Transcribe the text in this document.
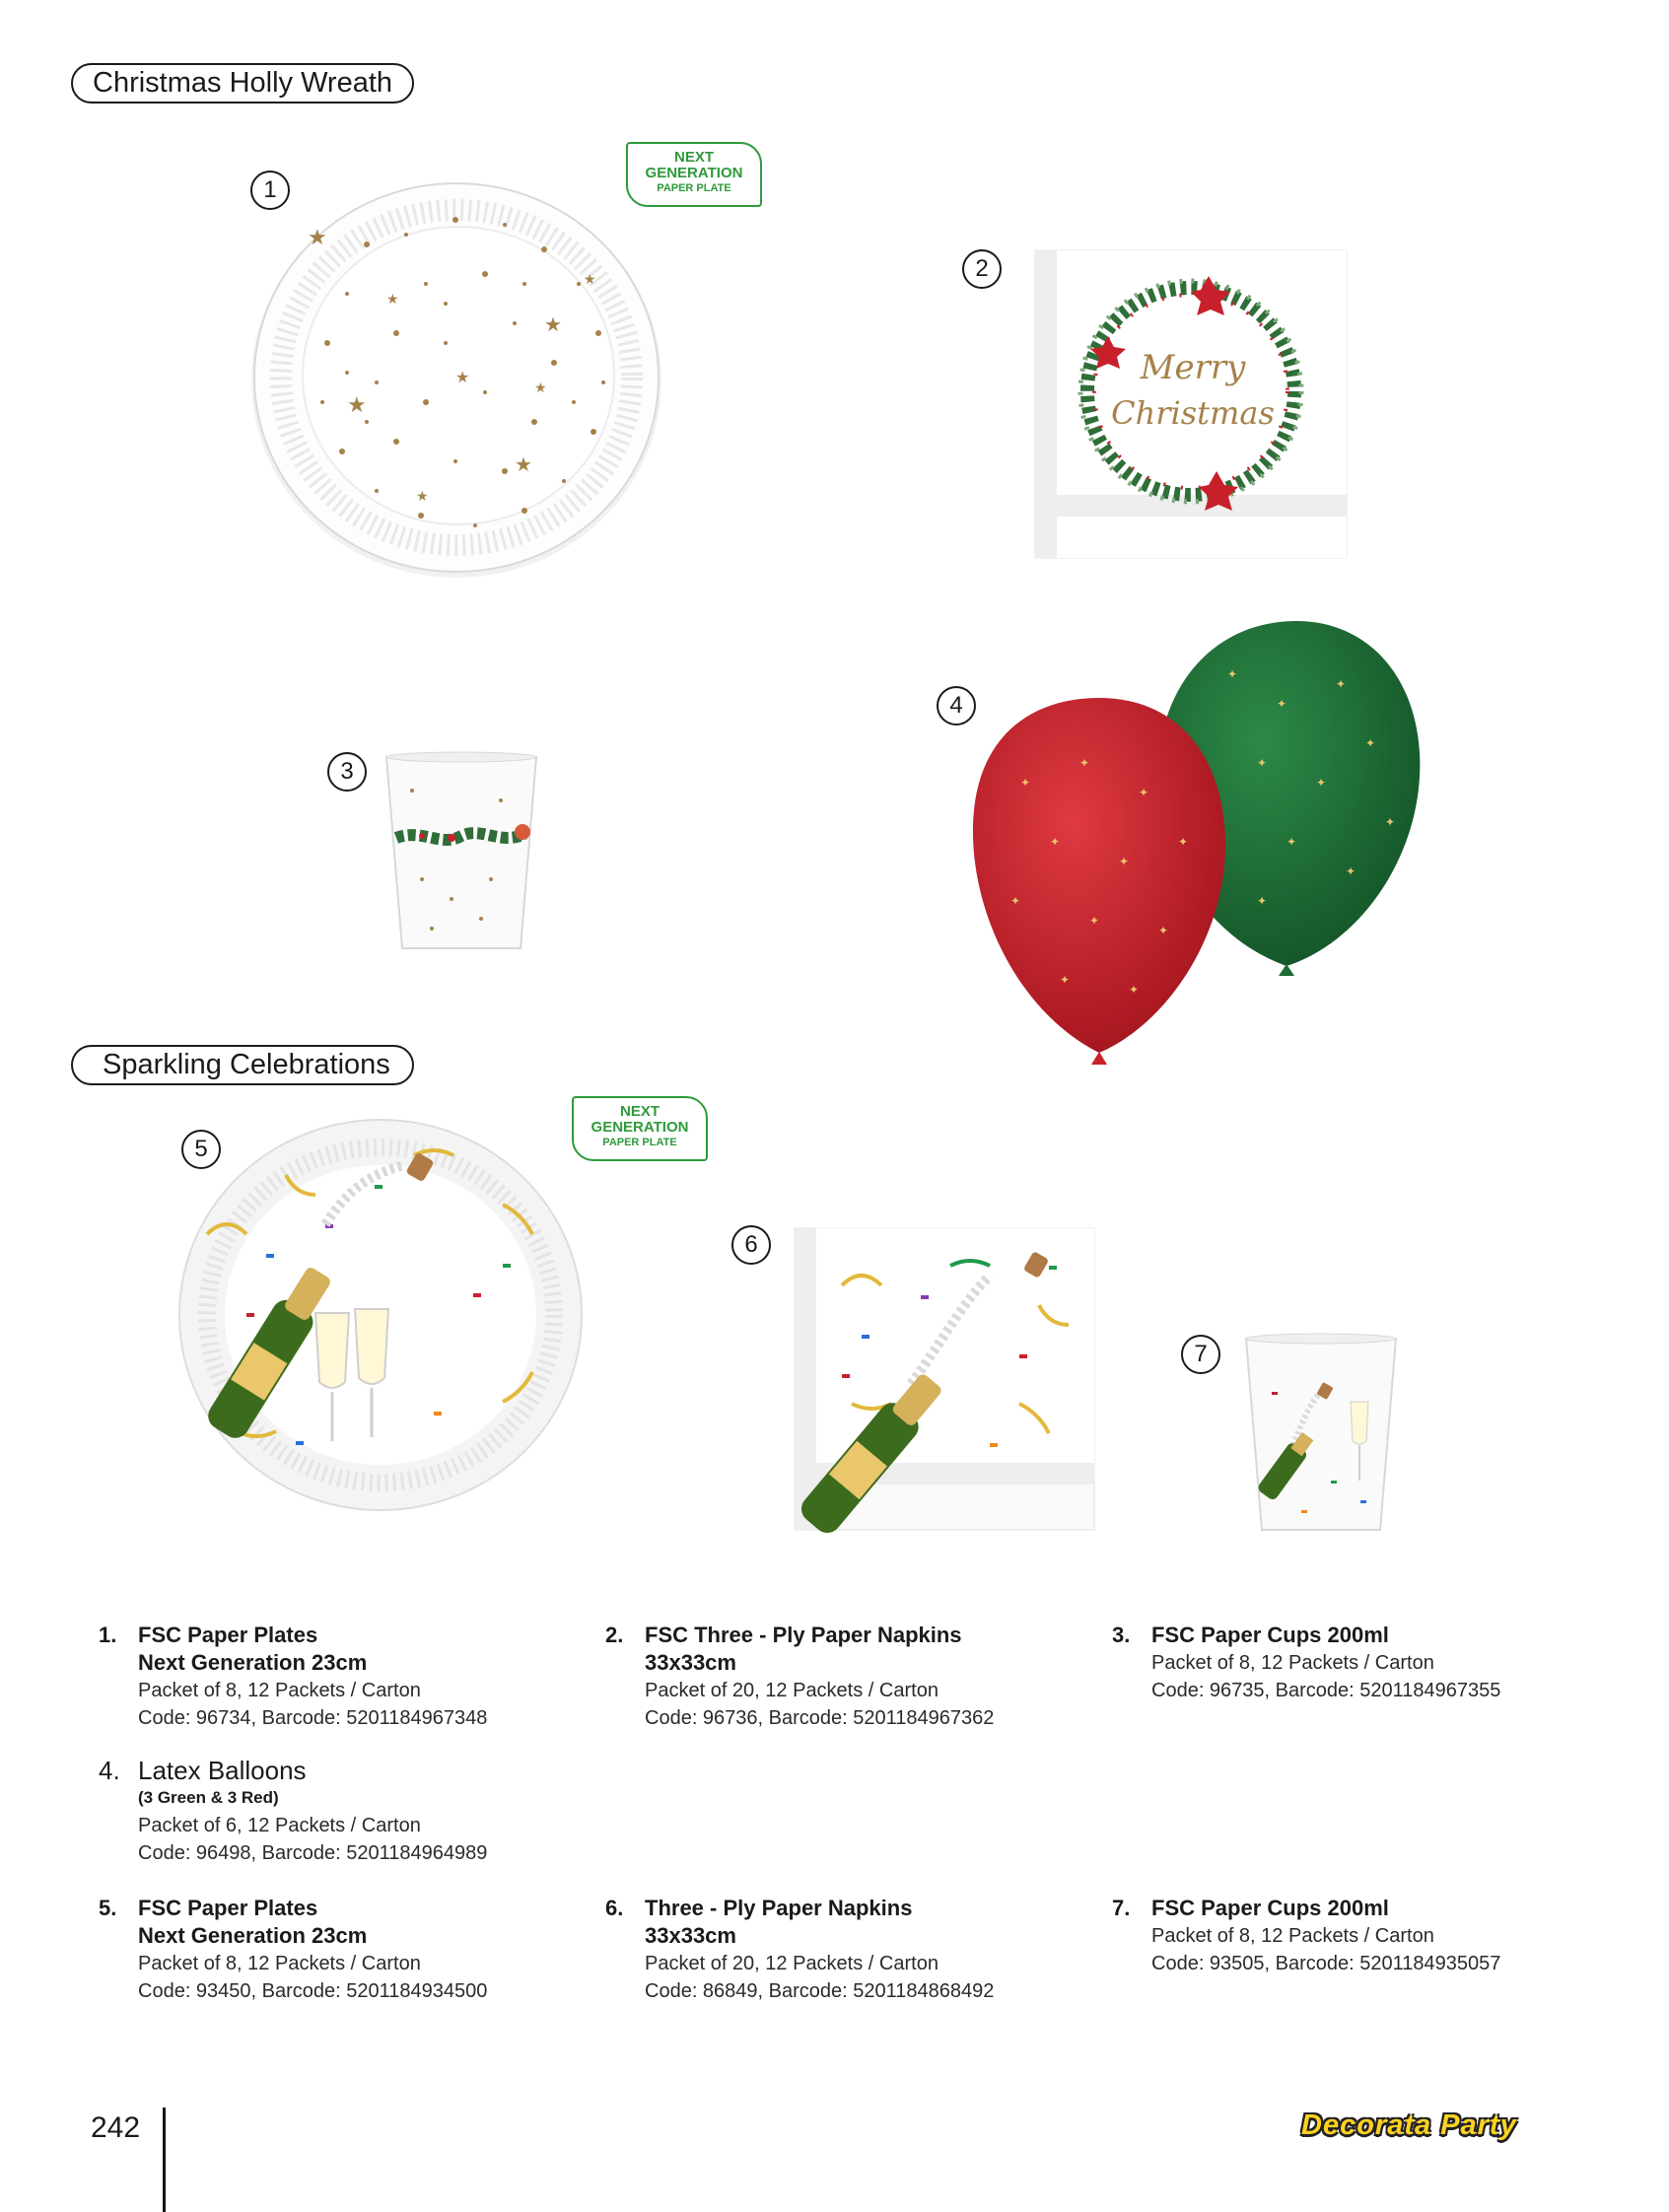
Christmas Holly Wreath
Sparkling Celebrations
NEXT
GENERATION
PAPER PLATE
NEXT
GENERATION
PAPER PLATE
1
2
3
4
5
6
7
★
★
★
★
★
★
★
★
★
Merry
Christmas
✦
✦
✦
✦
✦
✦
✦
✦
✦
✦
✦
✦
✦
✦
✦
✦
✦
✦
✦
✦
✦
1. FSC Paper Plates
Next Generation 23cm
Packet of 8, 12 Packets / Carton
Code: 96734, Barcode: 5201184967348
2. FSC Three - Ply Paper Napkins
33x33cm
Packet of 20, 12 Packets / Carton
Code: 96736, Barcode: 5201184967362
3. FSC Paper Cups 200ml
Packet of 8, 12 Packets / Carton
Code: 96735, Barcode: 5201184967355
4. Latex Balloons
(3 Green & 3 Red)
Packet of 6, 12 Packets / Carton
Code: 96498, Barcode: 5201184964989
5. FSC Paper Plates
Next Generation 23cm
Packet of 8, 12 Packets / Carton
Code: 93450, Barcode: 5201184934500
6. Three - Ply Paper Napkins
33x33cm
Packet of 20, 12 Packets / Carton
Code: 86849, Barcode: 5201184868492
7. FSC Paper Cups 200ml
Packet of 8, 12 Packets / Carton
Code: 93505, Barcode: 5201184935057
242	Decorata Party
